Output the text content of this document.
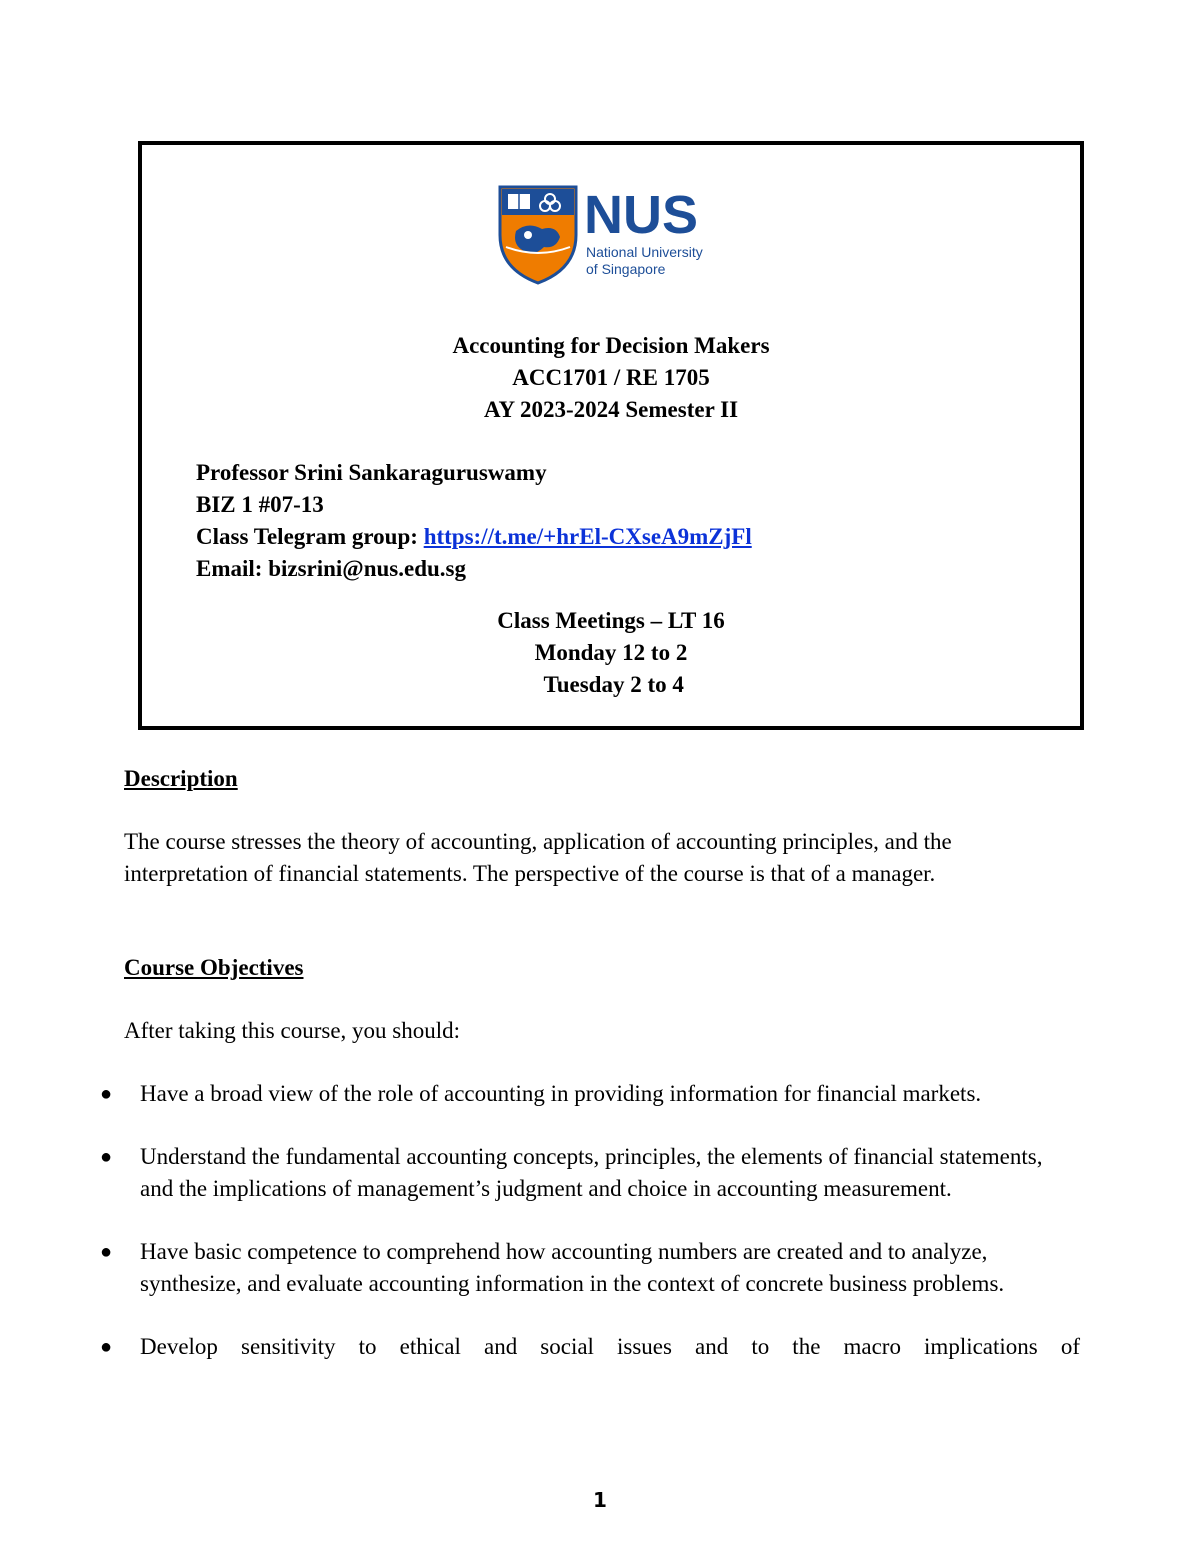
NUS
National University
of Singapore
Accounting for Decision Makers
ACC1701 / RE 1705
AY 2023-2024 Semester II
Professor Srini Sankaraguruswamy
BIZ 1 #07-13
Class Telegram group: https://t.me/+hrEl-CXseA9mZjFl
Email: bizsrini@nus.edu.sg
Class Meetings – LT 16
Monday 12 to 2
Tuesday 2 to 4
Description
The course stresses the theory of accounting, application of accounting principles, and the interpretation of financial statements. The perspective of the course is that of a manager.
Course Objectives
After taking this course, you should:
●	Have a broad view of the role of accounting in providing information for financial markets.
●	Understand the fundamental accounting concepts, principles, the elements of financial statements, and the implications of management’s judgment and choice in accounting measurement.
●	Have basic competence to comprehend how accounting numbers are created and to analyze, synthesize, and evaluate accounting information in the context of concrete business problems.
●	Develop sensitivity to ethical and social issues and to the macro implications of
1
